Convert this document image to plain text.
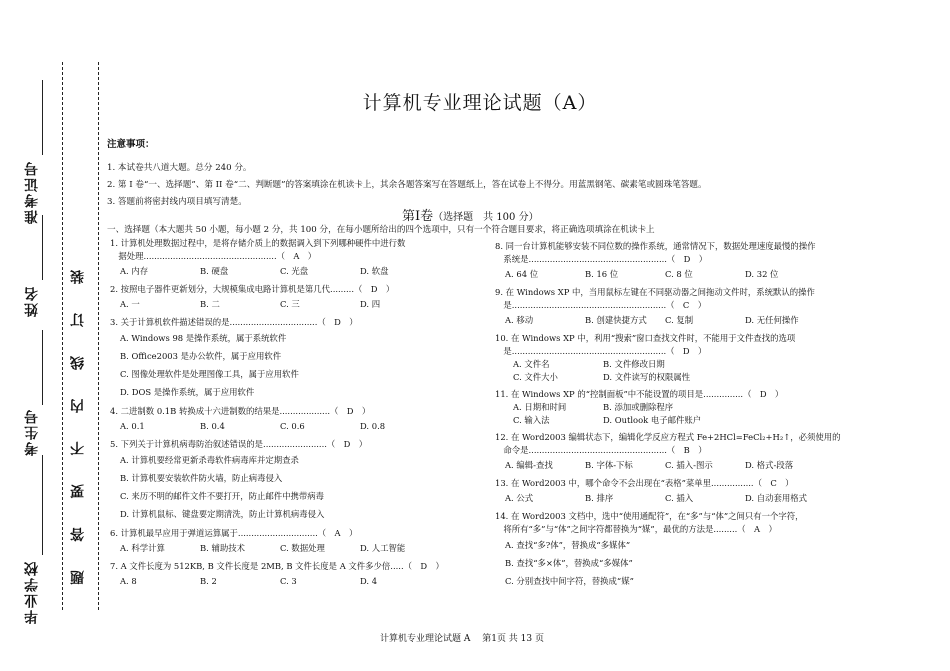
毕业学校
考生号
姓名
准考证号
题 答 要 不 内 线 订 装
计算机专业理论试题（A）
注意事项：
1. 本试卷共八道大题。总分 240 分。
2. 第 I 卷“一、选择题”、第 II 卷“二、判断题”的答案填涂在机读卡上，其余各题答案写在答题纸上，答在试卷上不得分。用蓝黑钢笔、碳素笔或圆珠笔答题。
3. 答题前将密封线内项目填写清楚。
第Ⅰ卷（选择题　共 100 分）
一、选择题（本大题共 50 小题，每小题 2 分，共 100 分，在每小题所给出的四个选项中，只有一个符合题目要求，将正确选项填涂在机读卡上
1. 计算机处理数据过程中，是将存储介质上的数据调入到下列哪种硬件中进行数
　据处理..................................................（　A　）
A. 内存	B. 硬盘	C. 光盘	D. 软盘
2. 按照电子器件更新划分，大规模集成电路计算机是第几代.........（　D　）
A. 一	B. 二	C. 三	D. 四
3. 关于计算机软件描述错误的是.................................（　D　）
A. Windows 98 是操作系统，属于系统软件
B. Office2003 是办公软件，属于应用软件
C. 图像处理软件是处理图像工具，属于应用软件
D. DOS 是操作系统，属于应用软件
4. 二进制数 0.1B 转换成十六进制数的结果是...................（　D　）
A. 0.1	B. 0.4	C. 0.6	D. 0.8
5. 下列关于计算机病毒防治叙述错误的是........................（　D　）
A. 计算机要经常更新杀毒软件病毒库并定期查杀
B. 计算机要安装软件防火墙，防止病毒侵入
C. 来历不明的邮件文件不要打开，防止邮件中携带病毒
D. 计算机鼠标、键盘要定期清洗，防止计算机病毒侵入
6. 计算机最早应用于弹道运算属于..............................（　A　）
A. 科学计算	B. 辅助技术	C. 数据处理	D. 人工智能
7. A 文件长度为 512KB, B 文件长度是 2MB, B 文件长度是 A 文件多少倍.....（　D　）
A. 8	B. 2	C. 3	D. 4
8. 同一台计算机能够安装不同位数的操作系统，通常情况下，数据处理速度最慢的操作
　系统是....................................................（　D　）
A. 64 位	B. 16 位	C. 8 位	D. 32 位
9. 在 Windows XP 中，当用鼠标左键在不同驱动器之间拖动文件时，系统默认的操作
　是..........................................................（　C　）
A. 移动	B. 创建快捷方式	C. 复制	D. 无任何操作
10. 在 Windows XP 中，利用“搜索”窗口查找文件时，不能用于文件查找的选项
　是..........................................................（　D　）
A. 文件名	B. 文件修改日期
C. 文件大小	D. 文件读写的权限属性
11. 在 Windows XP 的“控制面板”中不能设置的项目是...............（　D　）
A. 日期和时间	B. 添加或删除程序
C. 输入法	D. Outlook 电子邮件账户
12. 在 Word2003 编辑状态下，编辑化学反应方程式 Fe+2HCl=FeCl₂+H₂↑，必须使用的
　命令是....................................................（　B　）
A. 编辑-查找	B. 字体-下标	C. 插入-图示	D. 格式-段落
13. 在 Word2003 中，哪个命令不会出现在“表格”菜单里................（　C　）
A. 公式	B. 排序	C. 插入	D. 自动套用格式
14. 在 Word2003 文档中，选中“使用通配符”，在“多”与“体”之间只有一个字符，
　将所有“多”与“体”之间字符都替换为“媒”，最优的方法是.........（　A　）
A. 查找“多?体”，替换成“多媒体”
B. 查找“多×体”，替换成“多媒体”
C. 分别查找中间字符，替换成“媒”
计算机专业理论试题 A　 第1页 共 13 页
